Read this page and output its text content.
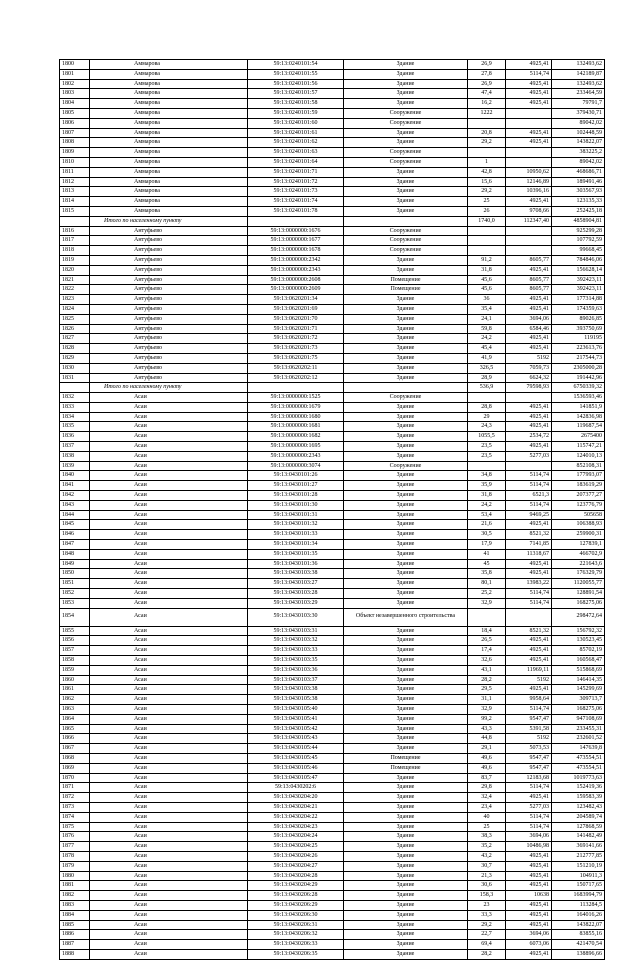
1800	Аммарова	59:13:0240101:54	Здание	26,9	4925,41	132493,62
1801	Аммарова	59:13:0240101:55	Здание	27,8	5114,74	142189,87
1802	Аммарова	59:13:0240101:56	Здание	26,9	4925,41	132493,62
1803	Аммарова	59:13:0240101:57	Здание	47,4	4925,41	233464,59
1804	Аммарова	59:13:0240101:58	Здание	16,2	4925,41	79791,7
1805	Аммарова	59:13:0240101:59	Сооружение	1222		379430,71
1806	Аммарова	59:13:0240101:60	Сооружение			89042,02
1807	Аммарова	59:13:0240101:61	Здание	20,8	4925,41	102448,59
1808	Аммарова	59:13:0240101:62	Здание	29,2	4925,41	143822,07
1809	Аммарова	59:13:0240101:63	Сооружение			383225,2
1810	Аммарова	59:13:0240101:64	Сооружение	1		89042,02
1811	Аммарова	59:13:0240101:71	Здание	42,8	10950,62	468686,71
1812	Аммарова	59:13:0240101:72	Здание	15,6	12146,89	189491,46
1813	Аммарова	59:13:0240101:73	Здание	29,2	10396,16	303567,93
1814	Аммарова	59:13:0240101:74	Здание	25	4925,41	123135,33
1815	Аммарова	59:13:0240101:78	Здание	26	9708,66	252425,18
	Итого по населенному пункту			1740,0	112347,40	4858904,81
1816	Антуфьево	59:13:0000000:1676	Сооружение			925299,28
1817	Антуфьево	59:13:0000000:1677	Сооружение			107792,59
1818	Антуфьево	59:13:0000000:1678	Сооружение			99668,45
1819	Антуфьево	59:13:0000000:2342	Здание	91,2	8605,77	784846,06
1820	Антуфьево	59:13:0000000:2343	Здание	31,8	4925,41	156628,14
1821	Антуфьево	59:13:0000000:2608	Помещение	45,6	8605,77	392423,11
1822	Антуфьево	59:13:0000000:2609	Помещение	45,6	8605,77	392423,11
1823	Антуфьево	59:13:0620201:34	Здание	36	4925,41	177314,88
1824	Антуфьево	59:13:0620201:69	Здание	35,4	4925,41	174359,63
1825	Антуфьево	59:13:0620201:70	Здание	24,1	3694,06	89026,85
1826	Антуфьево	59:13:0620201:71	Здание	59,8	6584,46	393750,69
1827	Антуфьево	59:13:0620201:72	Здание	24,2	4925,41	119195
1828	Антуфьево	59:13:0620201:73	Здание	45,4	4925,41	223613,76
1829	Антуфьево	59:13:0620201:75	Здание	41,9	5192	217544,73
1830	Антуфьево	59:13:0620202:11	Здание	326,5	7059,73	2305000,28
1831	Антуфьево	59:13:0620202:12	Здание	28,9	6624,32	191442,96
	Итого по населенному пункту			536,9	79598,93	6750339,32
1832	Асаи	59:13:0000000:1525	Сооружение			1536593,46
1833	Асаи	59:13:0000000:1679	Здание	28,8	4925,41	141851,9
1834	Асаи	59:13:0000000:1680	Здание	29	4925,41	142836,98
1835	Асаи	59:13:0000000:1681	Здание	24,3	4925,41	119687,54
1836	Асаи	59:13:0000000:1682	Здание	1055,5	2534,72	2675400
1837	Асаи	59:13:0000000:1695	Здание	23,5	4925,41	115747,21
1838	Асаи	59:13:0000000:2343	Здание	23,5	5277,03	124010,13
1839	Асаи	59:13:0000000:3074	Сооружение			852108,31
1840	Асаи	59:13:0430101:26	Здание	34,8	5114,74	177993,07
1841	Асаи	59:13:0430101:27	Здание	35,9	5114,74	183619,29
1842	Асаи	59:13:0430101:28	Здание	31,8	6521,3	207377,27
1843	Асаи	59:13:0430101:30	Здание	24,2	5114,74	123776,79
1844	Асаи	59:13:0430101:31	Здание	53,4	9469,25	505658
1845	Асаи	59:13:0430101:32	Здание	21,6	4925,41	106388,93
1846	Асаи	59:13:0430101:33	Здание	30,5	8521,32	259900,31
1847	Асаи	59:13:0430101:34	Здание	17,9	7141,85	127839,1
1848	Асаи	59:13:0430101:35	Здание	41	11318,67	466702,9
1849	Асаи	59:13:0430101:36	Здание	45	4925,41	221643,6
1850	Асаи	59:13:0430103:38	Здание	35,8	4925,41	176329,79
1851	Асаи	59:13:0430103:27	Здание	80,1	13983,22	1120055,77
1852	Асаи	59:13:0430103:28	Здание	25,2	5114,74	128891,54
1853	Асаи	59:13:0430103:29	Здание	32,9	5114,74	168275,06
1854	Асаи	59:13:0430103:30	Объект незавершенного строительства			298472,64
1855	Асаи	59:13:0430103:31	Здание	18,4	8521,32	156792,32
1856	Асаи	59:13:0430103:32	Здание	26,5	4925,41	130523,45
1857	Асаи	59:13:0430103:33	Здание	17,4	4925,41	85702,19
1858	Асаи	59:13:0430103:35	Здание	32,6	4925,41	160568,47
1859	Асаи	59:13:0430103:36	Здание	43,1	11969,11	515868,69
1860	Асаи	59:13:0430103:37	Здание	28,2	5192	146414,35
1861	Асаи	59:13:0430103:38	Здание	29,5	4925,41	145299,69
1862	Асаи	59:13:0430105:38	Здание	31,1	9958,64	309713,7
1863	Асаи	59:13:0430105:40	Здание	32,9	5114,74	168275,06
1864	Асаи	59:13:0430105:41	Здание	99,2	9547,47	947108,69
1865	Асаи	59:13:0430105:42	Здание	43,3	5391,58	233455,31
1866	Асаи	59:13:0430105:43	Здание	44,8	5192	232601,52
1867	Асаи	59:13:0430105:44	Здание	29,1	5073,53	147639,8
1868	Асаи	59:13:0430105:45	Помещение	49,6	9547,47	473554,51
1869	Асаи	59:13:0430105:46	Помещение	49,6	9547,47	473554,51
1870	Асаи	59:13:0430105:47	Здание	83,7	12183,68	1019773,63
1871	Асаи	59:13:0430202:6	Здание	29,8	5114,74	152419,36
1872	Асаи	59:13:0430204:20	Здание	32,4	4925,41	159583,39
1873	Асаи	59:13:0430204:21	Здание	23,4	5277,03	123482,43
1874	Асаи	59:13:0430204:22	Здание	40	5114,74	204589,74
1875	Асаи	59:13:0430204:23	Здание	25	5114,74	127868,59
1876	Асаи	59:13:0430204:24	Здание	38,3	3694,06	141482,49
1877	Асаи	59:13:0430204:25	Здание	35,2	10486,98	369141,66
1878	Асаи	59:13:0430204:26	Здание	43,2	4925,41	212777,85
1879	Асаи	59:13:0430204:27	Здание	30,7	4925,41	151210,19
1880	Асаи	59:13:0430204:28	Здание	21,3	4925,41	104911,3
1881	Асаи	59:13:0430204:29	Здание	30,6	4925,41	150717,65
1882	Асаи	59:13:0430206:28	Здание	158,3	10638	1683994,79
1883	Асаи	59:13:0430206:29	Здание	23	4925,41	113284,5
1884	Асаи	59:13:0430206:30	Здание	33,3	4925,41	164016,26
1885	Асаи	59:13:0430206:31	Здание	29,2	4925,41	143822,07
1886	Асаи	59:13:0430206:32	Здание	22,7	3694,06	83855,16
1887	Асаи	59:13:0430206:33	Здание	69,4	6073,06	421470,54
1888	Асаи	59:13:0430206:35	Здание	28,2	4925,41	138896,66
